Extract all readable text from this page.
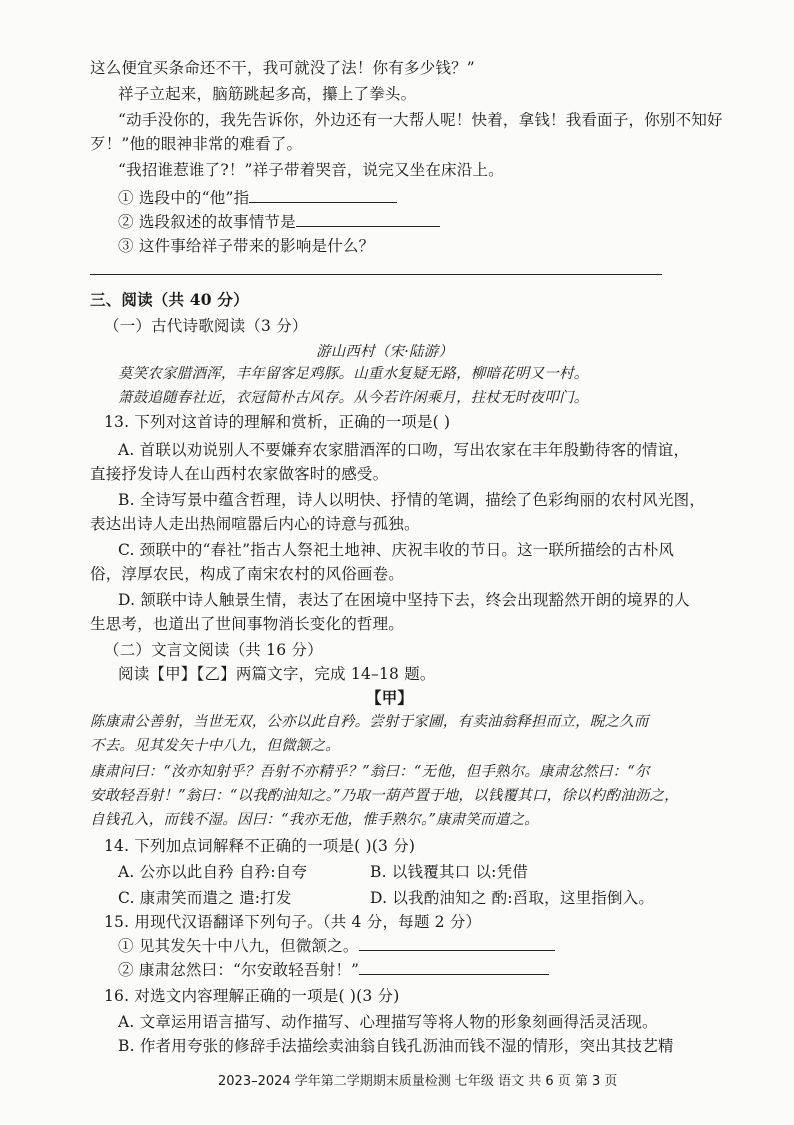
这么便宜买条命还不干，我可就没了法！你有多少钱？”
祥子立起来，脑筋跳起多高，攥上了拳头。
“动手没你的，我先告诉你，外边还有一大帮人呢！快着，拿钱！我看面子，你别不知好
歹！”他的眼神非常的难看了。
“我招谁惹谁了?！”祥子带着哭音，说完又坐在床沿上。
① 选段中的“他”指
② 选段叙述的故事情节是
③ 这件事给祥子带来的影响是什么？
三、阅读（共 40 分）
（一）古代诗歌阅读（3 分）
游山西村（宋·陆游）
莫笑农家腊酒浑，丰年留客足鸡豚。山重水复疑无路，柳暗花明又一村。
箫鼓追随春社近，衣冠简朴古风存。从今若许闲乘月，拄杖无时夜叩门。
13. 下列对这首诗的理解和赏析，正确的一项是( )
A. 首联以劝说别人不要嫌弃农家腊酒浑的口吻，写出农家在丰年殷勤待客的情谊，
直接抒发诗人在山西村农家做客时的感受。
B. 全诗写景中蕴含哲理，诗人以明快、抒情的笔调，描绘了色彩绚丽的农村风光图，
表达出诗人走出热闹喧嚣后内心的诗意与孤独。
C. 颈联中的“春社”指古人祭祀土地神、庆祝丰收的节日。这一联所描绘的古朴风
俗，淳厚农民，构成了南宋农村的风俗画卷。
D. 颔联中诗人触景生情，表达了在困境中坚持下去，终会出现豁然开朗的境界的人
生思考，也道出了世间事物消长变化的哲理。
（二）文言文阅读（共 16 分）
阅读【甲】【乙】两篇文字，完成 14–18 题。
【甲】
陈康肃公善射，当世无双，公亦以此自矜。尝射于家圃，有卖油翁释担而立，睨之久而
不去。见其发矢十中八九，但微颔之。
康肃问曰：“汝亦知射乎？吾射不亦精乎？”翁曰：“无他，但手熟尔。康肃忿然曰：“尔
安敢轻吾射！”翁曰：“以我酌油知之。”乃取一葫芦置于地，以钱覆其口，徐以杓酌油沥之，
自钱孔入，而钱不湿。因曰：“我亦无他，惟手熟尔。”康肃笑而遣之。
14. 下列加点词解释不正确的一项是( )(3 分)
A. 公亦以此自矜 自矜:自夸	B. 以钱覆其口 以:凭借
C. 康肃笑而遣之 遣:打发	D. 以我酌油知之 酌:舀取，这里指倒入。
15. 用现代汉语翻译下列句子。（共 4 分，每题 2 分）
① 见其发矢十中八九，但微颔之。
② 康肃忿然曰：“尔安敢轻吾射！”
16. 对选文内容理解正确的一项是( )(3 分)
A. 文章运用语言描写、动作描写、心理描写等将人物的形象刻画得活灵活现。
B. 作者用夸张的修辞手法描绘卖油翁自钱孔沥油而钱不湿的情形，突出其技艺精
2023–2024 学年第二学期期末质量检测 七年级 语文 共 6 页 第 3 页
